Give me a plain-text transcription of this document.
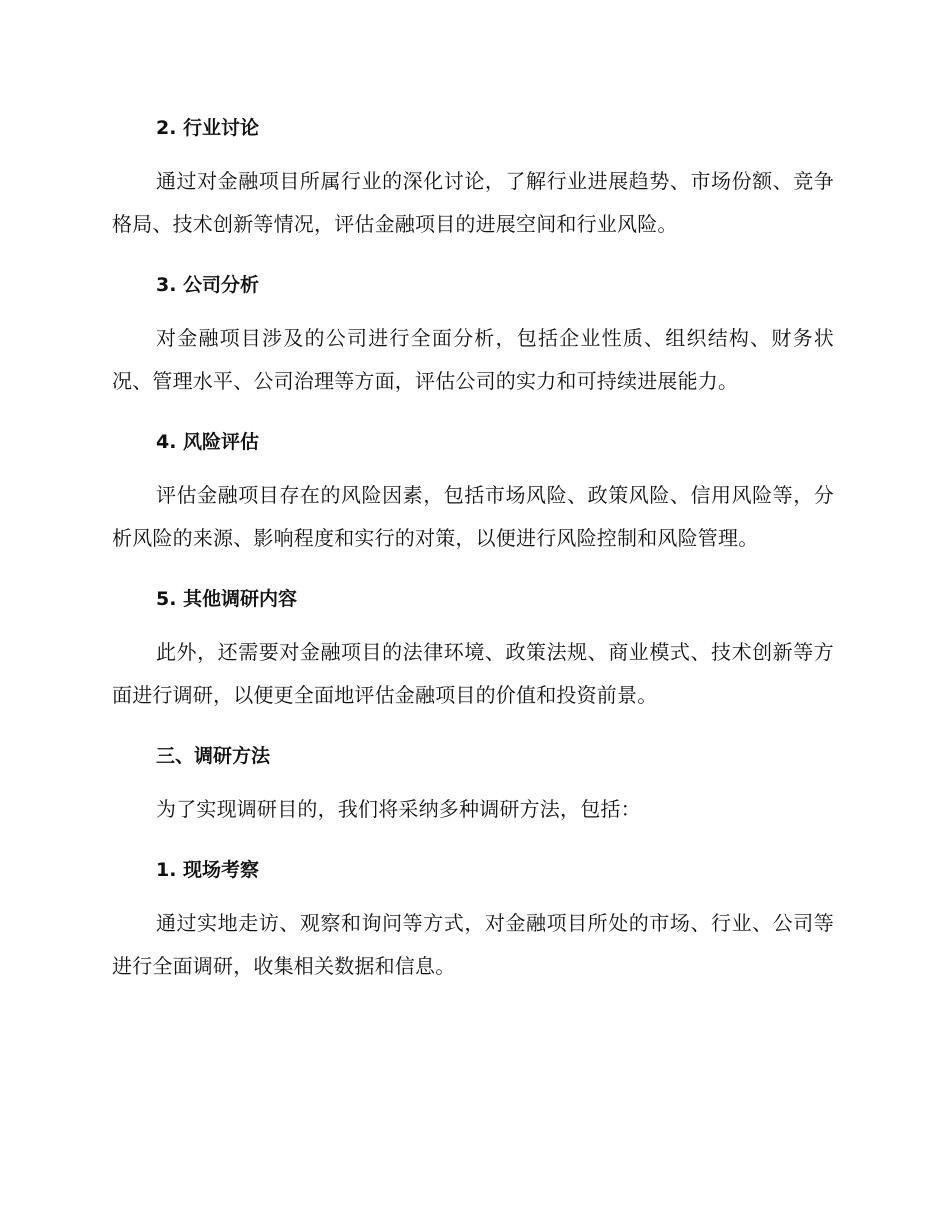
2. 行业讨论

通过对金融项目所属行业的深化讨论，了解行业进展趋势、市场份额、竞争格局、技术创新等情况，评估金融项目的进展空间和行业风险。

3. 公司分析

对金融项目涉及的公司进行全面分析，包括企业性质、组织结构、财务状况、管理水平、公司治理等方面，评估公司的实力和可持续进展能力。

4. 风险评估

评估金融项目存在的风险因素，包括市场风险、政策风险、信用风险等，分析风险的来源、影响程度和实行的对策，以便进行风险控制和风险管理。

5. 其他调研内容

此外，还需要对金融项目的法律环境、政策法规、商业模式、技术创新等方面进行调研，以便更全面地评估金融项目的价值和投资前景。

三、调研方法

为了实现调研目的，我们将采纳多种调研方法，包括：

1. 现场考察

通过实地走访、观察和询问等方式，对金融项目所处的市场、行业、公司等进行全面调研，收集相关数据和信息。
